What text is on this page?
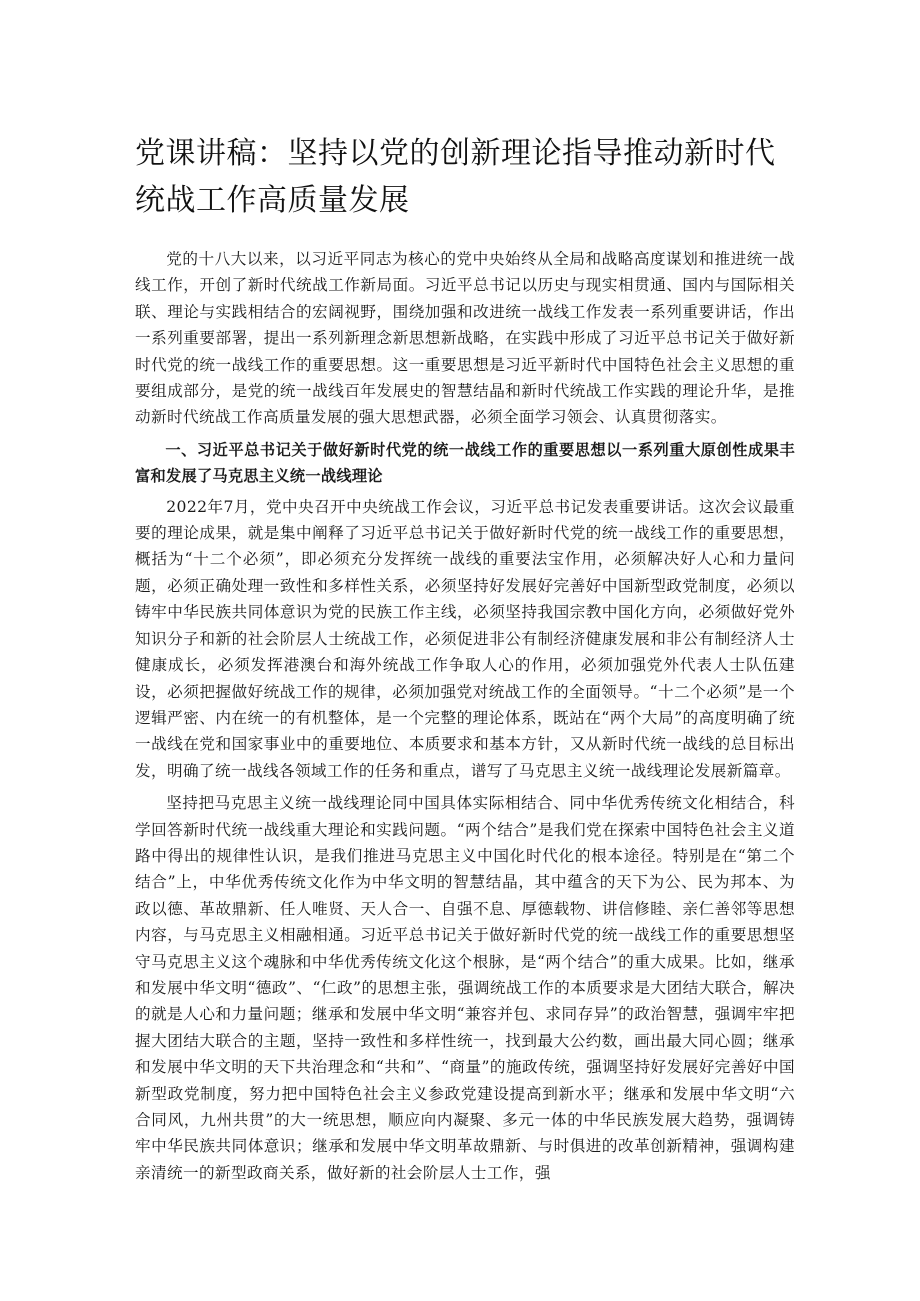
党课讲稿：坚持以党的创新理论指导推动新时代统战工作高质量发展

党的十八大以来，以习近平同志为核心的党中央始终从全局和战略高度谋划和推进统一战线工作，开创了新时代统战工作新局面。习近平总书记以历史与现实相贯通、国内与国际相关联、理论与实践相结合的宏阔视野，围绕加强和改进统一战线工作发表一系列重要讲话，作出一系列重要部署，提出一系列新理念新思想新战略，在实践中形成了习近平总书记关于做好新时代党的统一战线工作的重要思想。这一重要思想是习近平新时代中国特色社会主义思想的重要组成部分，是党的统一战线百年发展史的智慧结晶和新时代统战工作实践的理论升华，是推动新时代统战工作高质量发展的强大思想武器，必须全面学习领会、认真贯彻落实。

一、习近平总书记关于做好新时代党的统一战线工作的重要思想以一系列重大原创性成果丰富和发展了马克思主义统一战线理论

2022年7月，党中央召开中央统战工作会议，习近平总书记发表重要讲话。这次会议最重要的理论成果，就是集中阐释了习近平总书记关于做好新时代党的统一战线工作的重要思想，概括为“十二个必须”，即必须充分发挥统一战线的重要法宝作用，必须解决好人心和力量问题，必须正确处理一致性和多样性关系，必须坚持好发展好完善好中国新型政党制度，必须以铸牢中华民族共同体意识为党的民族工作主线，必须坚持我国宗教中国化方向，必须做好党外知识分子和新的社会阶层人士统战工作，必须促进非公有制经济健康发展和非公有制经济人士健康成长，必须发挥港澳台和海外统战工作争取人心的作用，必须加强党外代表人士队伍建设，必须把握做好统战工作的规律，必须加强党对统战工作的全面领导。“十二个必须”是一个逻辑严密、内在统一的有机整体，是一个完整的理论体系，既站在“两个大局”的高度明确了统一战线在党和国家事业中的重要地位、本质要求和基本方针，又从新时代统一战线的总目标出发，明确了统一战线各领域工作的任务和重点，谱写了马克思主义统一战线理论发展新篇章。

坚持把马克思主义统一战线理论同中国具体实际相结合、同中华优秀传统文化相结合，科学回答新时代统一战线重大理论和实践问题。“两个结合”是我们党在探索中国特色社会主义道路中得出的规律性认识，是我们推进马克思主义中国化时代化的根本途径。特别是在“第二个结合”上，中华优秀传统文化作为中华文明的智慧结晶，其中蕴含的天下为公、民为邦本、为政以德、革故鼎新、任人唯贤、天人合一、自强不息、厚德载物、讲信修睦、亲仁善邻等思想内容，与马克思主义相融相通。习近平总书记关于做好新时代党的统一战线工作的重要思想坚守马克思主义这个魂脉和中华优秀传统文化这个根脉，是“两个结合”的重大成果。比如，继承和发展中华文明“德政”、“仁政”的思想主张，强调统战工作的本质要求是大团结大联合，解决的就是人心和力量问题；继承和发展中华文明“兼容并包、求同存异”的政治智慧，强调牢牢把握大团结大联合的主题，坚持一致性和多样性统一，找到最大公约数，画出最大同心圆；继承和发展中华文明的天下共治理念和“共和”、“商量”的施政传统，强调坚持好发展好完善好中国新型政党制度，努力把中国特色社会主义参政党建设提高到新水平；继承和发展中华文明“六合同风，九州共贯”的大一统思想，顺应向内凝聚、多元一体的中华民族发展大趋势，强调铸牢中华民族共同体意识；继承和发展中华文明革故鼎新、与时俱进的改革创新精神，强调构建亲清统一的新型政商关系，做好新的社会阶层人士工作，强
